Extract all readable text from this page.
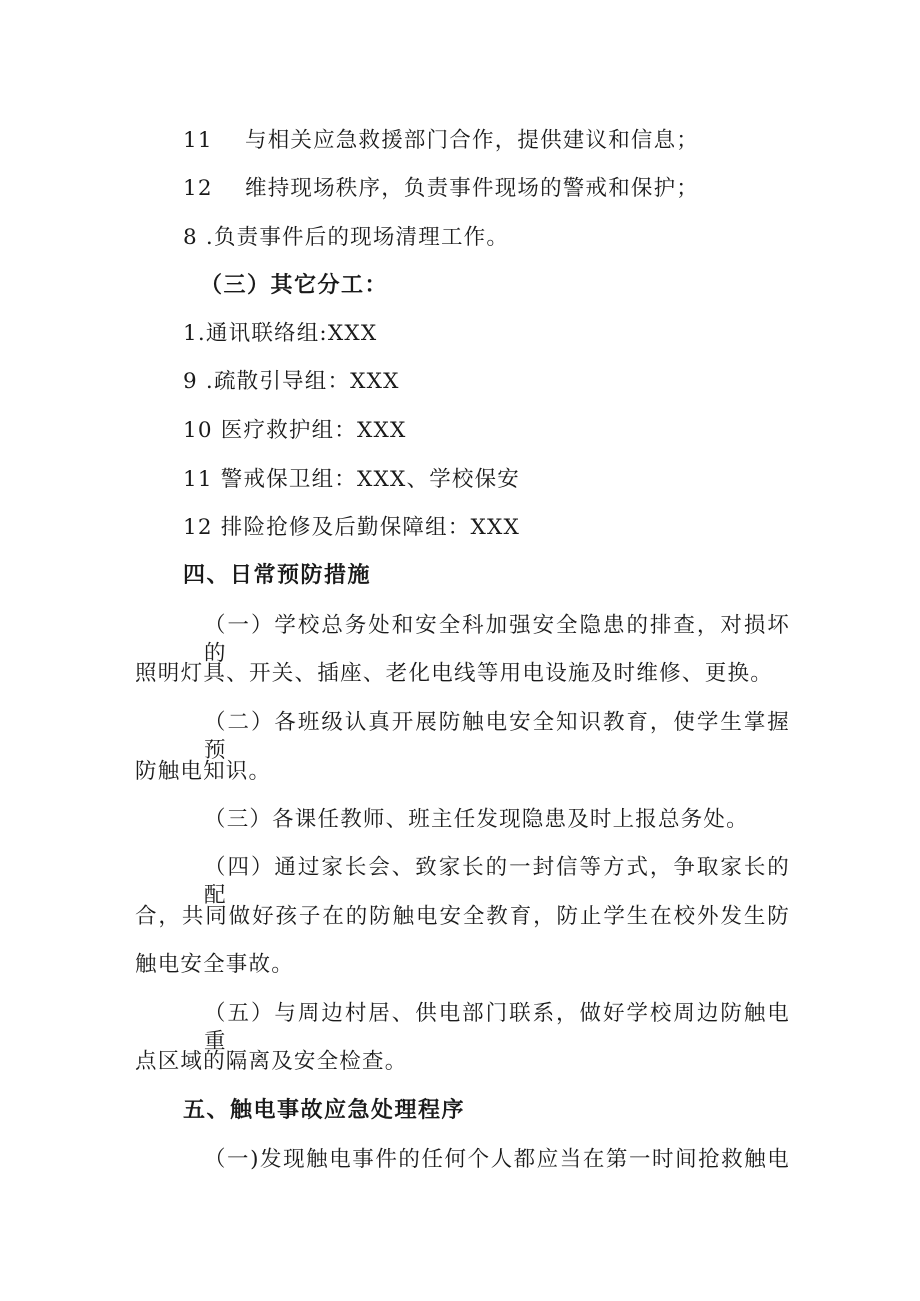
11 与相关应急救援部门合作，提供建议和信息；
12 维持现场秩序，负责事件现场的警戒和保护；
8 .负责事件后的现场清理工作。
（三）其它分工：
1.通讯联络组:XXX
9 .疏散引导组：XXX
10 医疗救护组：XXX
11 警戒保卫组：XXX、学校保安
12 排险抢修及后勤保障组：XXX
四、日常预防措施
（一）学校总务处和安全科加强安全隐患的排查，对损坏的
照明灯具、开关、插座、老化电线等用电设施及时维修、更换。
（二）各班级认真开展防触电安全知识教育，使学生掌握预
防触电知识。
（三）各课任教师、班主任发现隐患及时上报总务处。
（四）通过家长会、致家长的一封信等方式，争取家长的配
合，共同做好孩子在的防触电安全教育，防止学生在校外发生防
触电安全事故。
（五）与周边村居、供电部门联系，做好学校周边防触电重
点区域的隔离及安全检查。
五、触电事故应急处理程序
（一)发现触电事件的任何个人都应当在第一时间抢救触电
